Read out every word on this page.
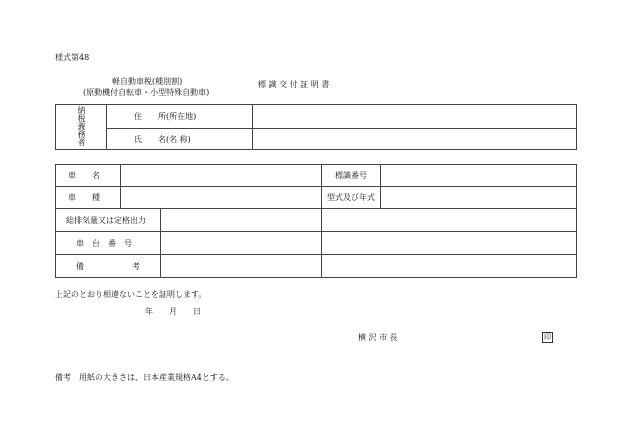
様式第48
軽自動車税(種別割)
(原動機付自転車・小型特殊自動車)
標 識 交 付 証 明 書
納税義務者	住　　所(所在地)	
	氏　　名(名 称)	
車　　名		標識番号	
車　　種		型式及び年式	

総排気量又は定格出力			

車　台　番　号			

備　　　　　　考			

上記のとおり相違ないことを証明します。
年　　月　　日
横 沢 市 長	印
備考　用紙の大きさは、日本産業規格A4とする。
